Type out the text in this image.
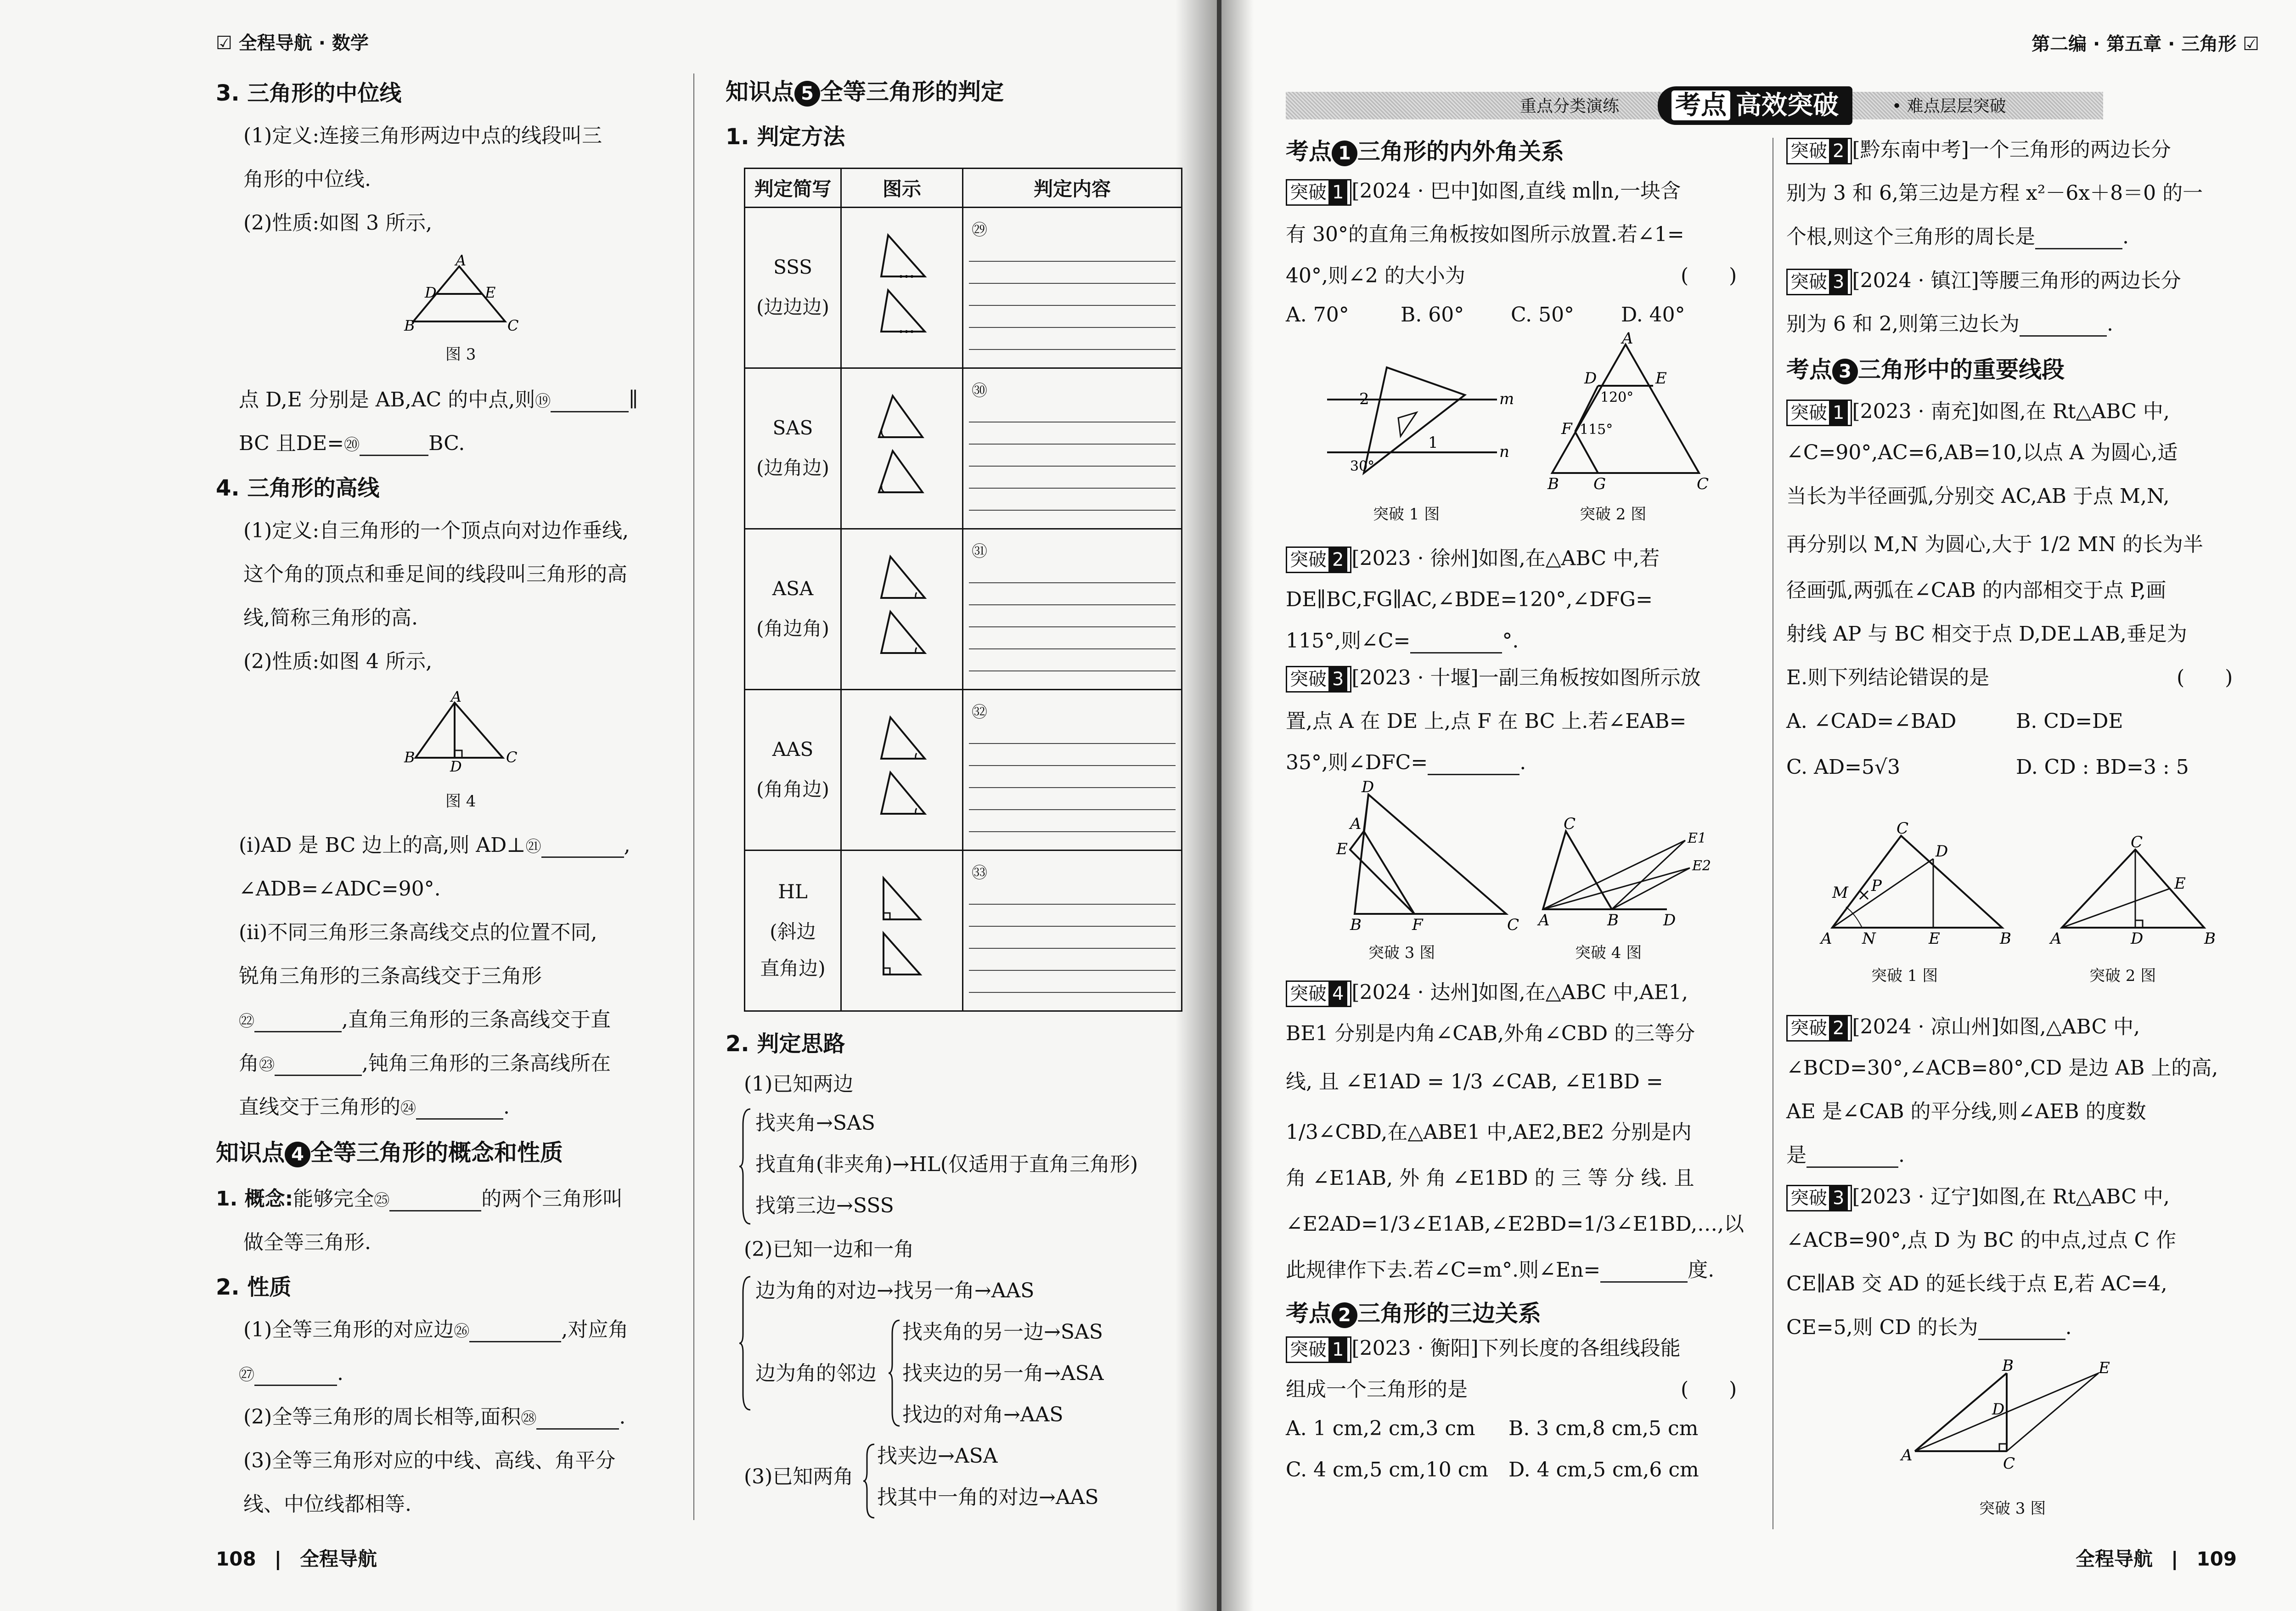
☑ 全程导航 · 数学
3. 三角形的中位线
(1)定义:连接三角形两边中点的线段叫三
角形的中位线.
(2)性质:如图 3 所示,
A
D	E
B	C
图 3
点 D,E 分别是 AB,AC 的中点,则⑲	∥
BC 且DE=⑳	BC.
4. 三角形的高线
(1)定义:自三角形的一个顶点向对边作垂线,
这个角的顶点和垂足间的线段叫三角形的高
线,简称三角形的高.
(2)性质:如图 4 所示,
A
B
D
C
图 4
(ⅰ)AD 是 BC 边上的高,则 AD⊥㉑	,
∠ADB=∠ADC=90°.
(ⅱ)不同三角形三条高线交点的位置不同,
锐角三角形的三条高线交于三角形
㉒	,直角三角形的三条高线交于直
角㉓	,钝角三角形的三条高线所在
直线交于三角形的㉔	.
知识点 4 全等三角形的概念和性质
1. 概念:能够完全㉕	的两个三角形叫
做全等三角形.
2. 性质
(1)全等三角形的对应边㉖	,对应角
㉗	.
(2)全等三角形的周长相等,面积㉘	.
(3)全等三角形对应的中线、高线、角平分
线、中位线都相等.
知识点 5 全等三角形的判定
1. 判定方法
判定简写	图示	判定内容

SSS
(边边边)		㉙

SAS
(边角边)		㉚

ASA
(角边角)		㉛

AAS
(角角边)		㉜

HL
(斜边
直角边)		㉝
2. 判定思路
(1)已知两边
找夹角→SAS
找直角(非夹角)→HL(仅适用于直角三角形)
找第三边→SSS
(2)已知一边和一角
边为角的对边→找另一角→AAS
边为角的邻边
找夹角的另一边→SAS
找夹边的另一角→ASA
找边的对角→AAS
(3)已知两角
找夹边→ASA
找其中一角的对边→AAS
108 | 全程导航
第二编 · 第五章 · 三角形 ☑
重点分类演练	考点 高效突破	• 难点层层突破
考点 1 三角形的内外角关系
突破 1 [2024 · 巴中]如图,直线 m∥n,一块含
有 30°的直角三角板按如图所示放置.若∠1=
40°,则∠2 的大小为	(　　)
A. 70°	B. 60° C. 50° D. 40°
2	m
1	n
30°
突破 1 图
A
D	E
120°
F 115°
B G	C
突破 2 图
突破 2 [2023 · 徐州]如图,在△ABC 中,若
DE∥BC,FG∥AC,∠BDE=120°,∠DFG=
115°,则∠C=	°.
突破 3 [2023 · 十堰]一副三角板按如图所示放
置,点 A 在 DE 上,点 F 在 BC 上.若∠EAB=
35°,则∠DFC=	.
D
A
E
B	F	C
突破 3 图
C
E1
E2
A	B	D
突破 4 图
突破 4 [2024 · 达州]如图,在△ABC 中,AE1,
BE1 分别是内角∠CAB,外角∠CBD 的三等分
线, 且 ∠E1AD = 1/3 ∠CAB, ∠E1BD =
1/3∠CBD,在△ABE1 中,AE2,BE2 分别是内
角 ∠E1AB, 外 角 ∠E1BD 的 三 等 分 线. 且
∠E2AD=1/3∠E1AB,∠E2BD=1/3∠E1BD,…,以
此规律作下去.若∠C=m°.则∠En=	度.
考点 2 三角形的三边关系
突破 1 [2023 · 衡阳]下列长度的各组线段能
组成一个三角形的是	(　　)
A. 1 cm,2 cm,3 cm B. 3 cm,8 cm,5 cm
C. 4 cm,5 cm,10 cm D. 4 cm,5 cm,6 cm
突破 2 [黔东南中考]一个三角形的两边长分
别为 3 和 6,第三边是方程 x²－6x＋8＝0 的一
个根,则这个三角形的周长是	.
突破 3 [2024 · 镇江]等腰三角形的两边长分
别为 6 和 2,则第三边长为	.
考点 3 三角形中的重要线段
突破 1 [2023 · 南充]如图,在 Rt△ABC 中,
∠C=90°,AC=6,AB=10,以点 A 为圆心,适
当长为半径画弧,分别交 AC,AB 于点 M,N,
再分别以 M,N 为圆心,大于 1/2 MN 的长为半
径画弧,两弧在∠CAB 的内部相交于点 P,画
射线 AP 与 BC 相交于点 D,DE⊥AB,垂足为
E.则下列结论错误的是	(　　)
A. ∠CAD=∠BAD	B. CD=DE
C. AD=5√3	D. CD : BD=3 : 5
C
D
M P
A N	E	B
突破 1 图
C
E
A	D	B
突破 2 图
突破 2 [2024 · 凉山州]如图,△ABC 中,
∠BCD=30°,∠ACB=80°,CD 是边 AB 上的高,
AE 是∠CAB 的平分线,则∠AEB 的度数
是	.
突破 3 [2023 · 辽宁]如图,在 Rt△ABC 中,
∠ACB=90°,点 D 为 BC 的中点,过点 C 作
CE∥AB 交 AD 的延长线于点 E,若 AC=4,
CE=5,则 CD 的长为	.
B	E
D
A	C
突破 3 图
全程导航 | 109
